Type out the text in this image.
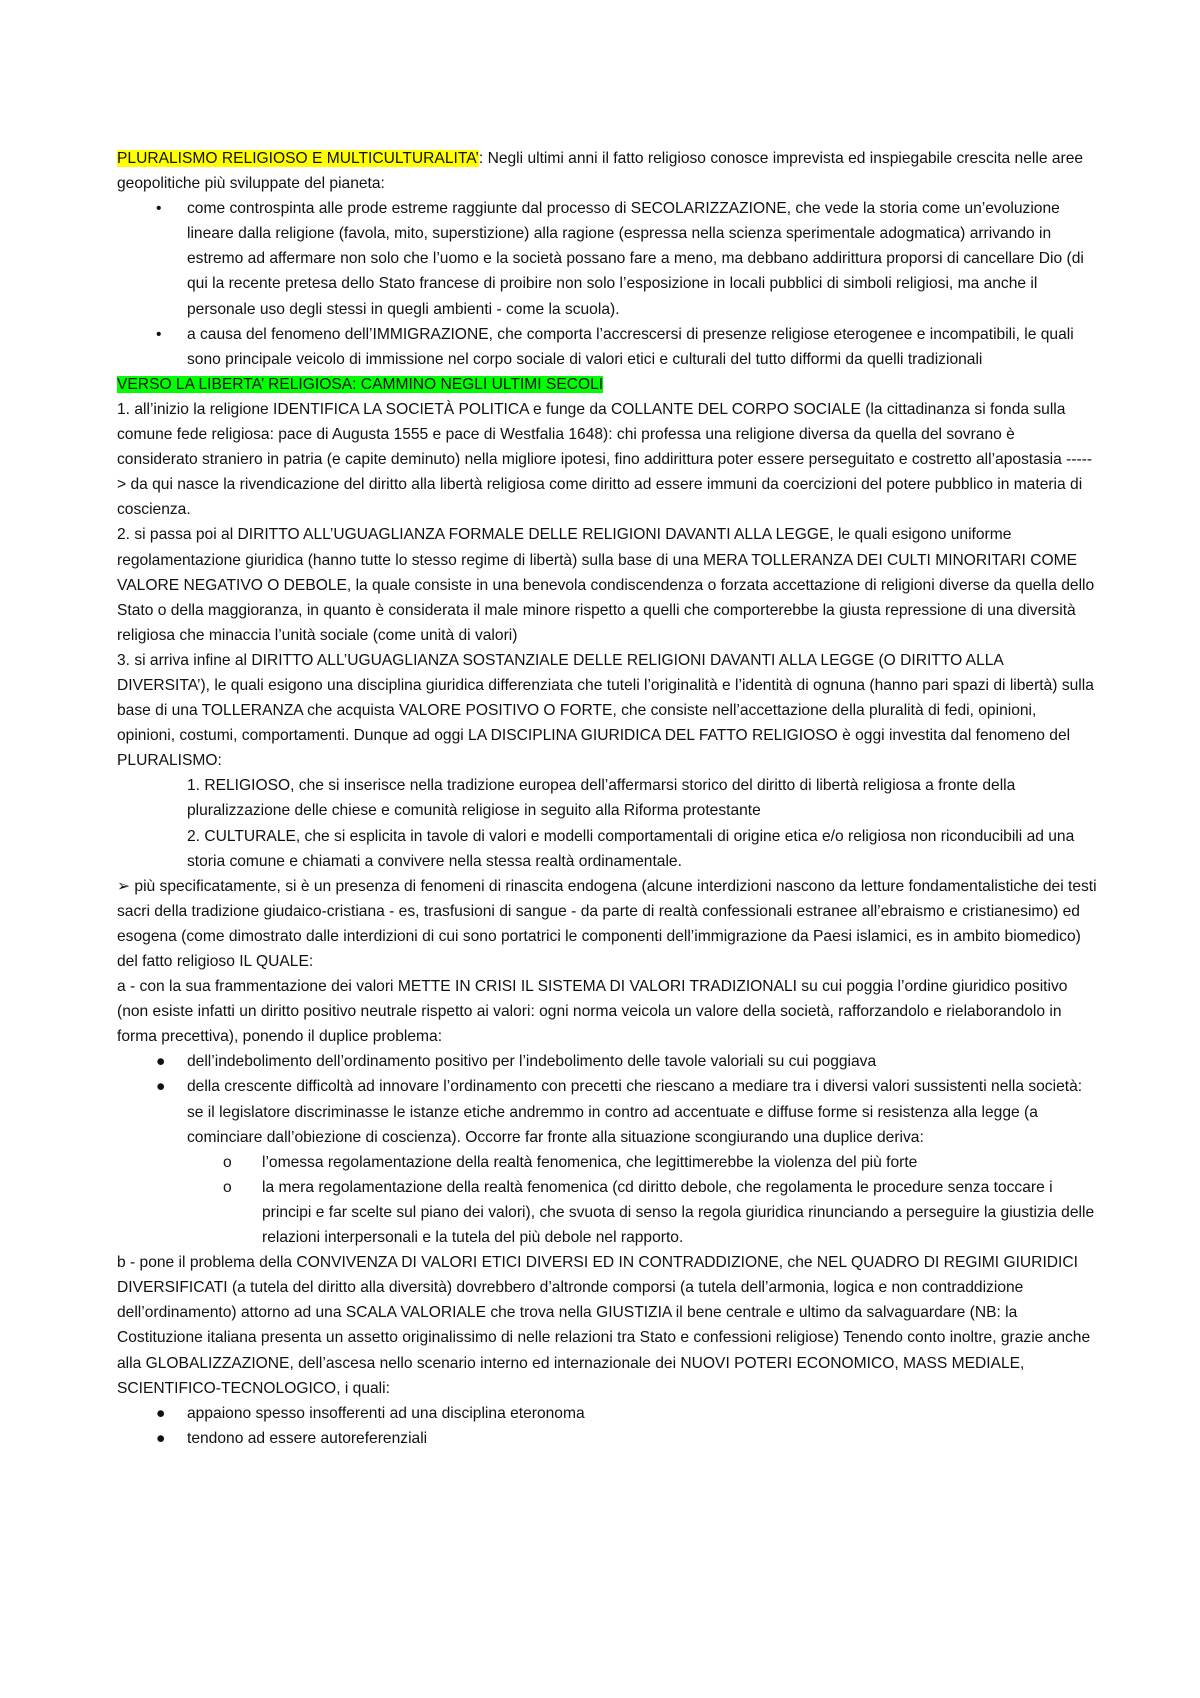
PLURALISMO RELIGIOSO E MULTICULTURALITA’: Negli ultimi anni il fatto religioso conosce imprevista ed inspiegabile crescita nelle aree geopolitiche più sviluppate del pianeta:

• come controspinta alle prode estreme raggiunte dal processo di SECOLARIZZAZIONE, che vede la storia come un’evoluzione lineare dalla religione (favola, mito, superstizione) alla ragione (espressa nella scienza sperimentale adogmatica) arrivando in estremo ad affermare non solo che l’uomo e la società possano fare a meno, ma debbano addirittura proporsi di cancellare Dio (di qui la recente pretesa dello Stato francese di proibire non solo l’esposizione in locali pubblici di simboli religiosi, ma anche il personale uso degli stessi in quegli ambienti - come la scuola).
• a causa del fenomeno dell’IMMIGRAZIONE, che comporta l’accrescersi di presenze religiose eterogenee e incompatibili, le quali sono principale veicolo di immissione nel corpo sociale di valori etici e culturali del tutto difformi da quelli tradizionali

VERSO LA LIBERTA’ RELIGIOSA: CAMMINO NEGLI ULTIMI SECOLI

1. all’inizio la religione IDENTIFICA LA SOCIETÀ POLITICA e funge da COLLANTE DEL CORPO SOCIALE (la cittadinanza si fonda sulla comune fede religiosa: pace di Augusta 1555 e pace di Westfalia 1648): chi professa una religione diversa da quella del sovrano è considerato straniero in patria (e capite deminuto) nella migliore ipotesi, fino addirittura poter essere perseguitato e costretto all’apostasia -----> da qui nasce la rivendicazione del diritto alla libertà religiosa come diritto ad essere immuni da coercizioni del potere pubblico in materia di coscienza.

2. si passa poi al DIRITTO ALL’UGUAGLIANZA FORMALE DELLE RELIGIONI DAVANTI ALLA LEGGE, le quali esigono uniforme regolamentazione giuridica (hanno tutte lo stesso regime di libertà) sulla base di una MERA TOLLERANZA DEI CULTI MINORITARI COME VALORE NEGATIVO O DEBOLE, la quale consiste in una benevola condiscendenza o forzata accettazione di religioni diverse da quella dello Stato o della maggioranza, in quanto è considerata il male minore rispetto a quelli che comporterebbe la giusta repressione di una diversità religiosa che minaccia l’unità sociale (come unità di valori)

3. si arriva infine al DIRITTO ALL’UGUAGLIANZA SOSTANZIALE DELLE RELIGIONI DAVANTI ALLA LEGGE (O DIRITTO ALLA DIVERSITA’), le quali esigono una disciplina giuridica differenziata che tuteli l’originalità e l’identità di ognuna (hanno pari spazi di libertà) sulla base di una TOLLERANZA che acquista VALORE POSITIVO O FORTE, che consiste nell’accettazione della pluralità di fedi, opinioni, opinioni, costumi, comportamenti. Dunque ad oggi LA DISCIPLINA GIURIDICA DEL FATTO RELIGIOSO è oggi investita dal fenomeno del PLURALISMO:

1. RELIGIOSO, che si inserisce nella tradizione europea dell’affermarsi storico del diritto di libertà religiosa a fronte della pluralizzazione delle chiese e comunità religiose in seguito alla Riforma protestante

2. CULTURALE, che si esplicita in tavole di valori e modelli comportamentali di origine etica e/o religiosa non riconducibili ad una storia comune e chiamati a convivere nella stessa realtà ordinamentale.

➢ più specificatamente, si è un presenza di fenomeni di rinascita endogena (alcune interdizioni nascono da letture fondamentalistiche dei testi sacri della tradizione giudaico-cristiana - es, trasfusioni di sangue - da parte di realtà confessionali estranee all’ebraismo e cristianesimo) ed esogena (come dimostrato dalle interdizioni di cui sono portatrici le componenti dell’immigrazione da Paesi islamici, es in ambito biomedico) del fatto religioso IL QUALE:

a - con la sua frammentazione dei valori METTE IN CRISI IL SISTEMA DI VALORI TRADIZIONALI su cui poggia l’ordine giuridico positivo (non esiste infatti un diritto positivo neutrale rispetto ai valori: ogni norma veicola un valore della società, rafforzandolo e rielaborandolo in forma precettiva), ponendo il duplice problema:

● dell’indebolimento dell’ordinamento positivo per l’indebolimento delle tavole valoriali su cui poggiava
● della crescente difficoltà ad innovare l’ordinamento con precetti che riescano a mediare tra i diversi valori sussistenti nella società: se il legislatore discriminasse le istanze etiche andremmo in contro ad accentuate e diffuse forme si resistenza alla legge (a cominciare dall’obiezione di coscienza). Occorre far fronte alla situazione scongiurando una duplice deriva:
o l’omessa regolamentazione della realtà fenomenica, che legittimerebbe la violenza del più forte
o la mera regolamentazione della realtà fenomenica (cd diritto debole, che regolamenta le procedure senza toccare i principi e far scelte sul piano dei valori), che svuota di senso la regola giuridica rinunciando a perseguire la giustizia delle relazioni interpersonali e la tutela del più debole nel rapporto.

b - pone il problema della CONVIVENZA DI VALORI ETICI DIVERSI ED IN CONTRADDIZIONE, che NEL QUADRO DI REGIMI GIURIDICI DIVERSIFICATI (a tutela del diritto alla diversità) dovrebbero d’altronde comporsi (a tutela dell’armonia, logica e non contraddizione dell’ordinamento) attorno ad una SCALA VALORIALE che trova nella GIUSTIZIA il bene centrale e ultimo da salvaguardare (NB: la Costituzione italiana presenta un assetto originalissimo di nelle relazioni tra Stato e confessioni religiose) Tenendo conto inoltre, grazie anche alla GLOBALIZZAZIONE, dell’ascesa nello scenario interno ed internazionale dei NUOVI POTERI ECONOMICO, MASS MEDIALE, SCIENTIFICO-TECNOLOGICO, i quali:

● appaiono spesso insofferenti ad una disciplina eteronoma
● tendono ad essere autoreferenziali
